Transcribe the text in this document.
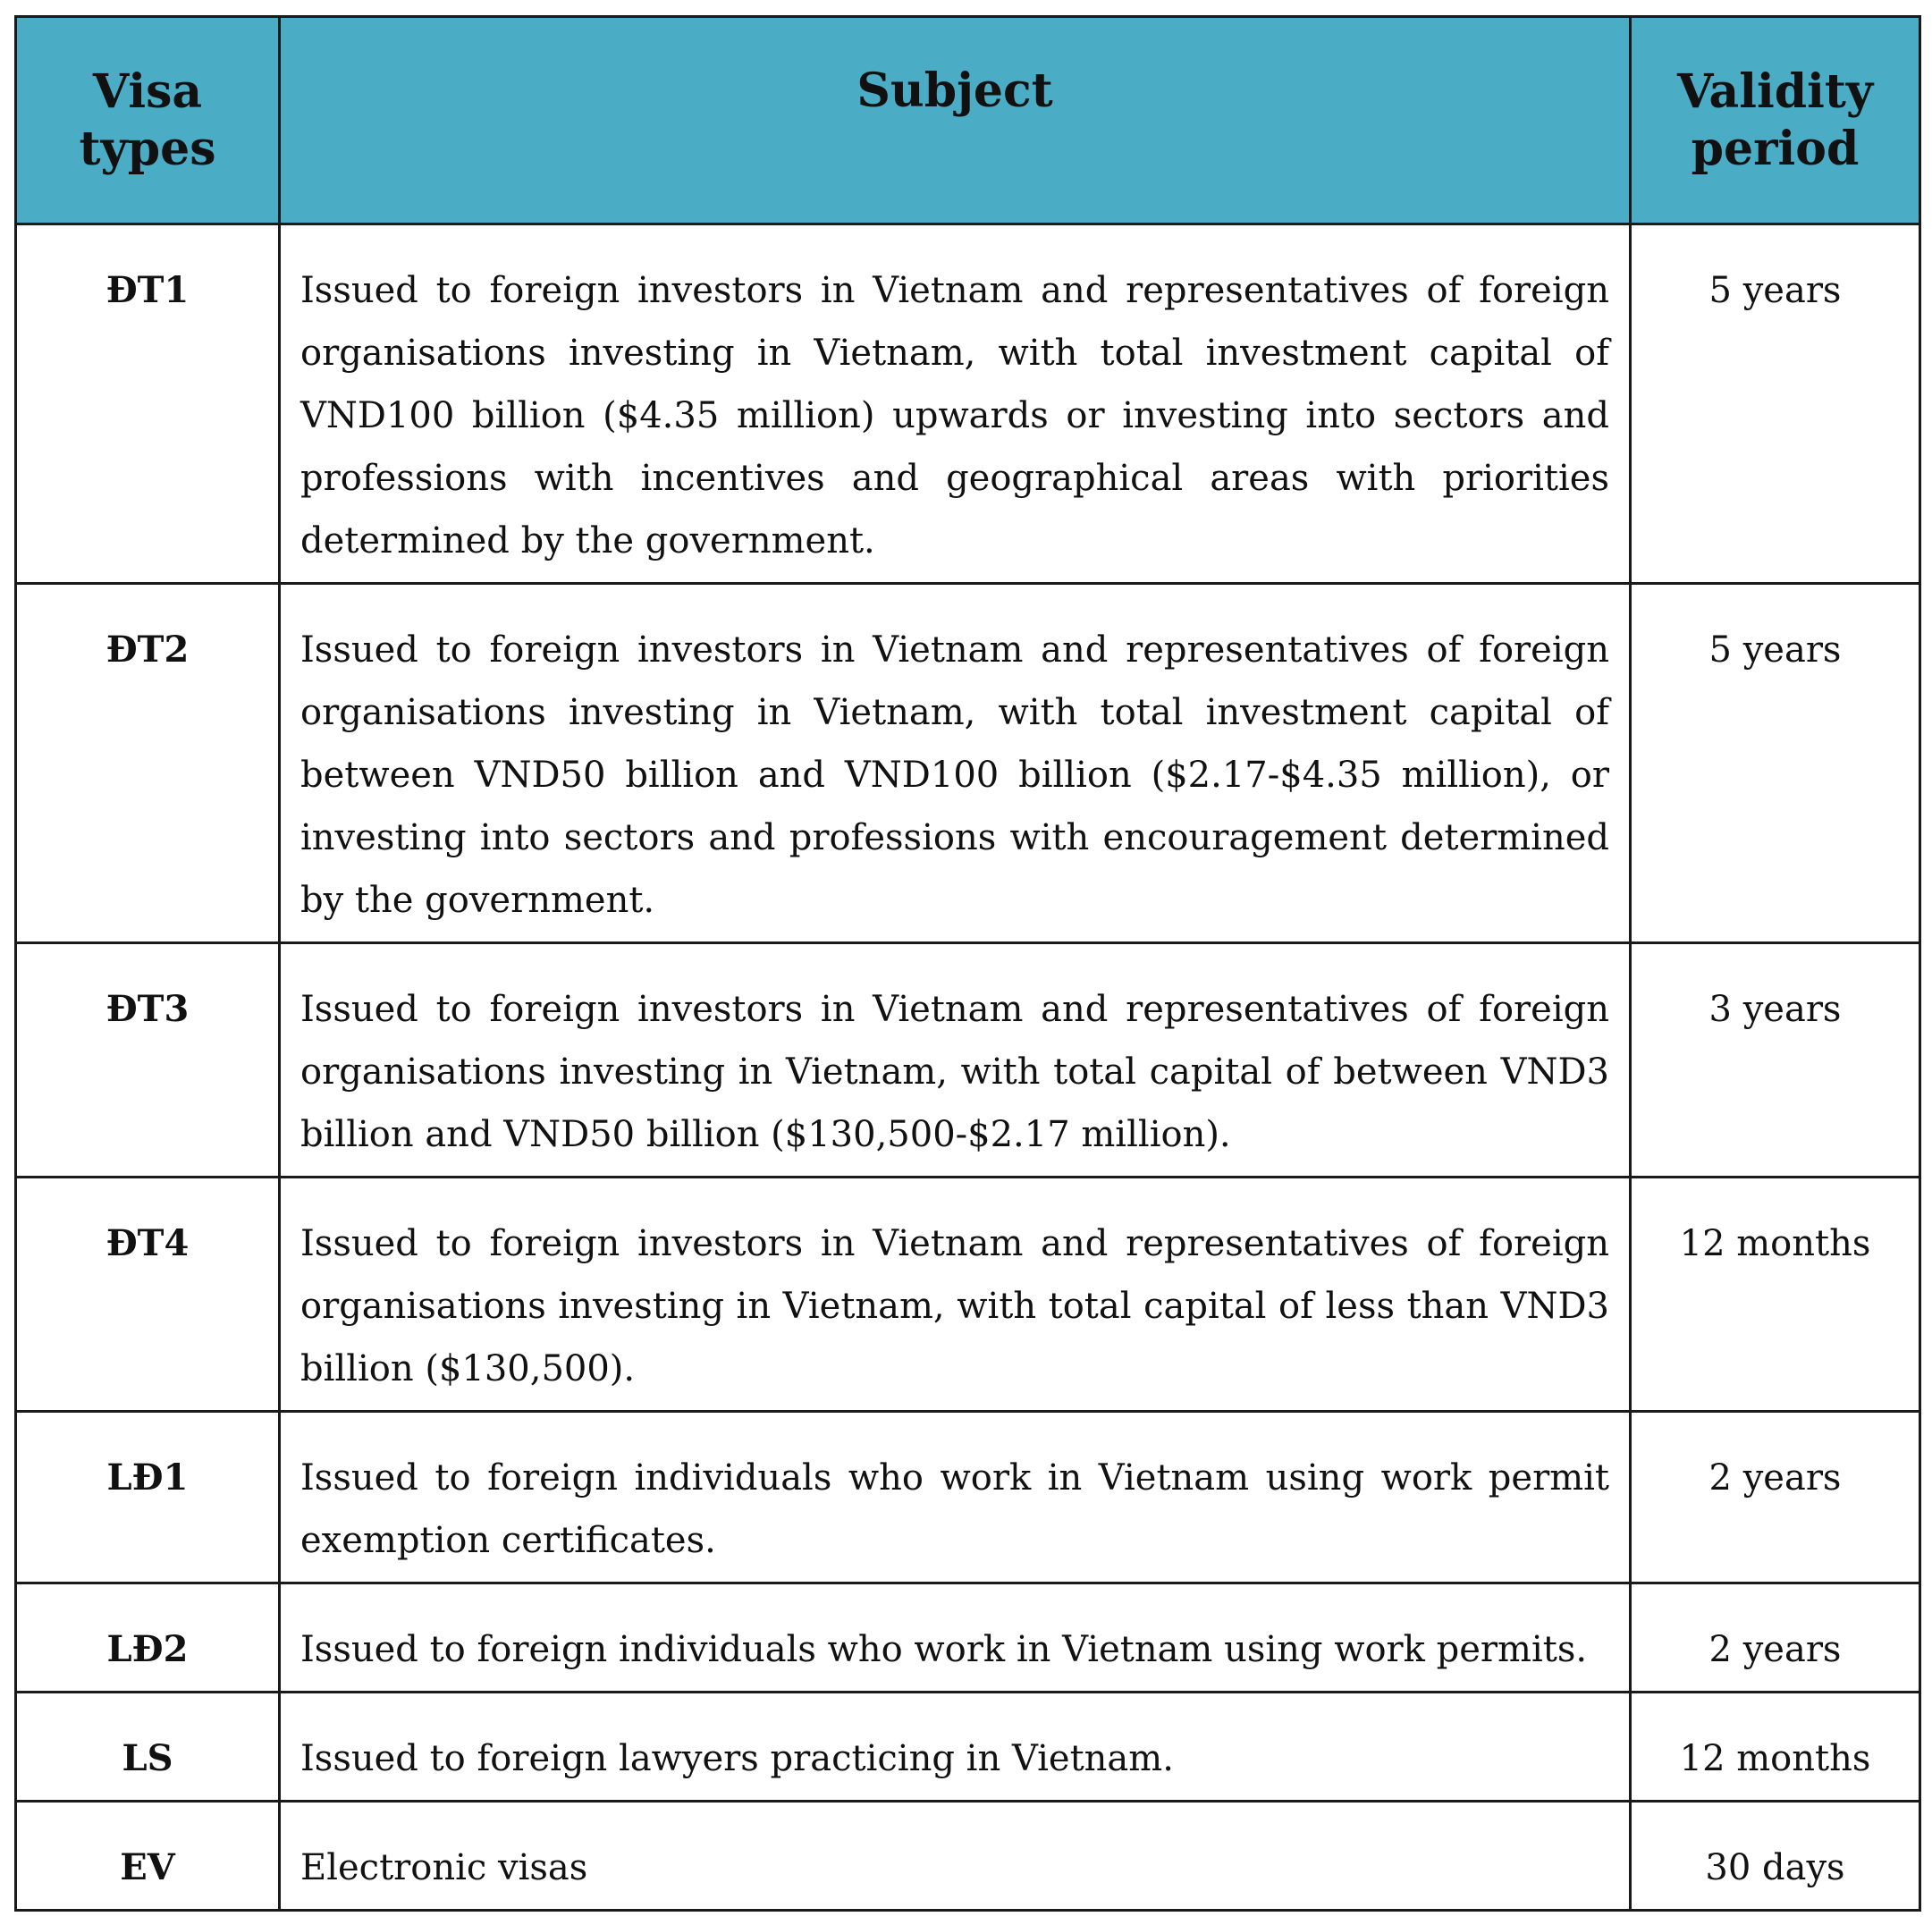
Visa types	Subject	Validity period
ĐT1	Issued to foreign investors in Vietnam and representatives of foreign organisations investing in Vietnam, with total investment capital of VND100 billion ($4.35 million) upwards or investing into sectors and professions with incentives and geographical areas with priorities determined by the government.	5 years
ĐT2	Issued to foreign investors in Vietnam and representatives of foreign organisations investing in Vietnam, with total investment capital of between VND50 billion and VND100 billion ($2.17-$4.35 million), or investing into sectors and professions with encouragement determined by the government.	5 years
ĐT3	Issued to foreign investors in Vietnam and representatives of foreign organisations investing in Vietnam, with total capital of between VND3 billion and VND50 billion ($130,500-$2.17 million).	3 years
ĐT4	Issued to foreign investors in Vietnam and representatives of foreign organisations investing in Vietnam, with total capital of less than VND3 billion ($130,500).	12 months
LĐ1	Issued to foreign individuals who work in Vietnam using work permit exemption certificates.	2 years
LĐ2	Issued to foreign individuals who work in Vietnam using work permits.	2 years
LS	Issued to foreign lawyers practicing in Vietnam.	12 months
EV	Electronic visas	30 days
